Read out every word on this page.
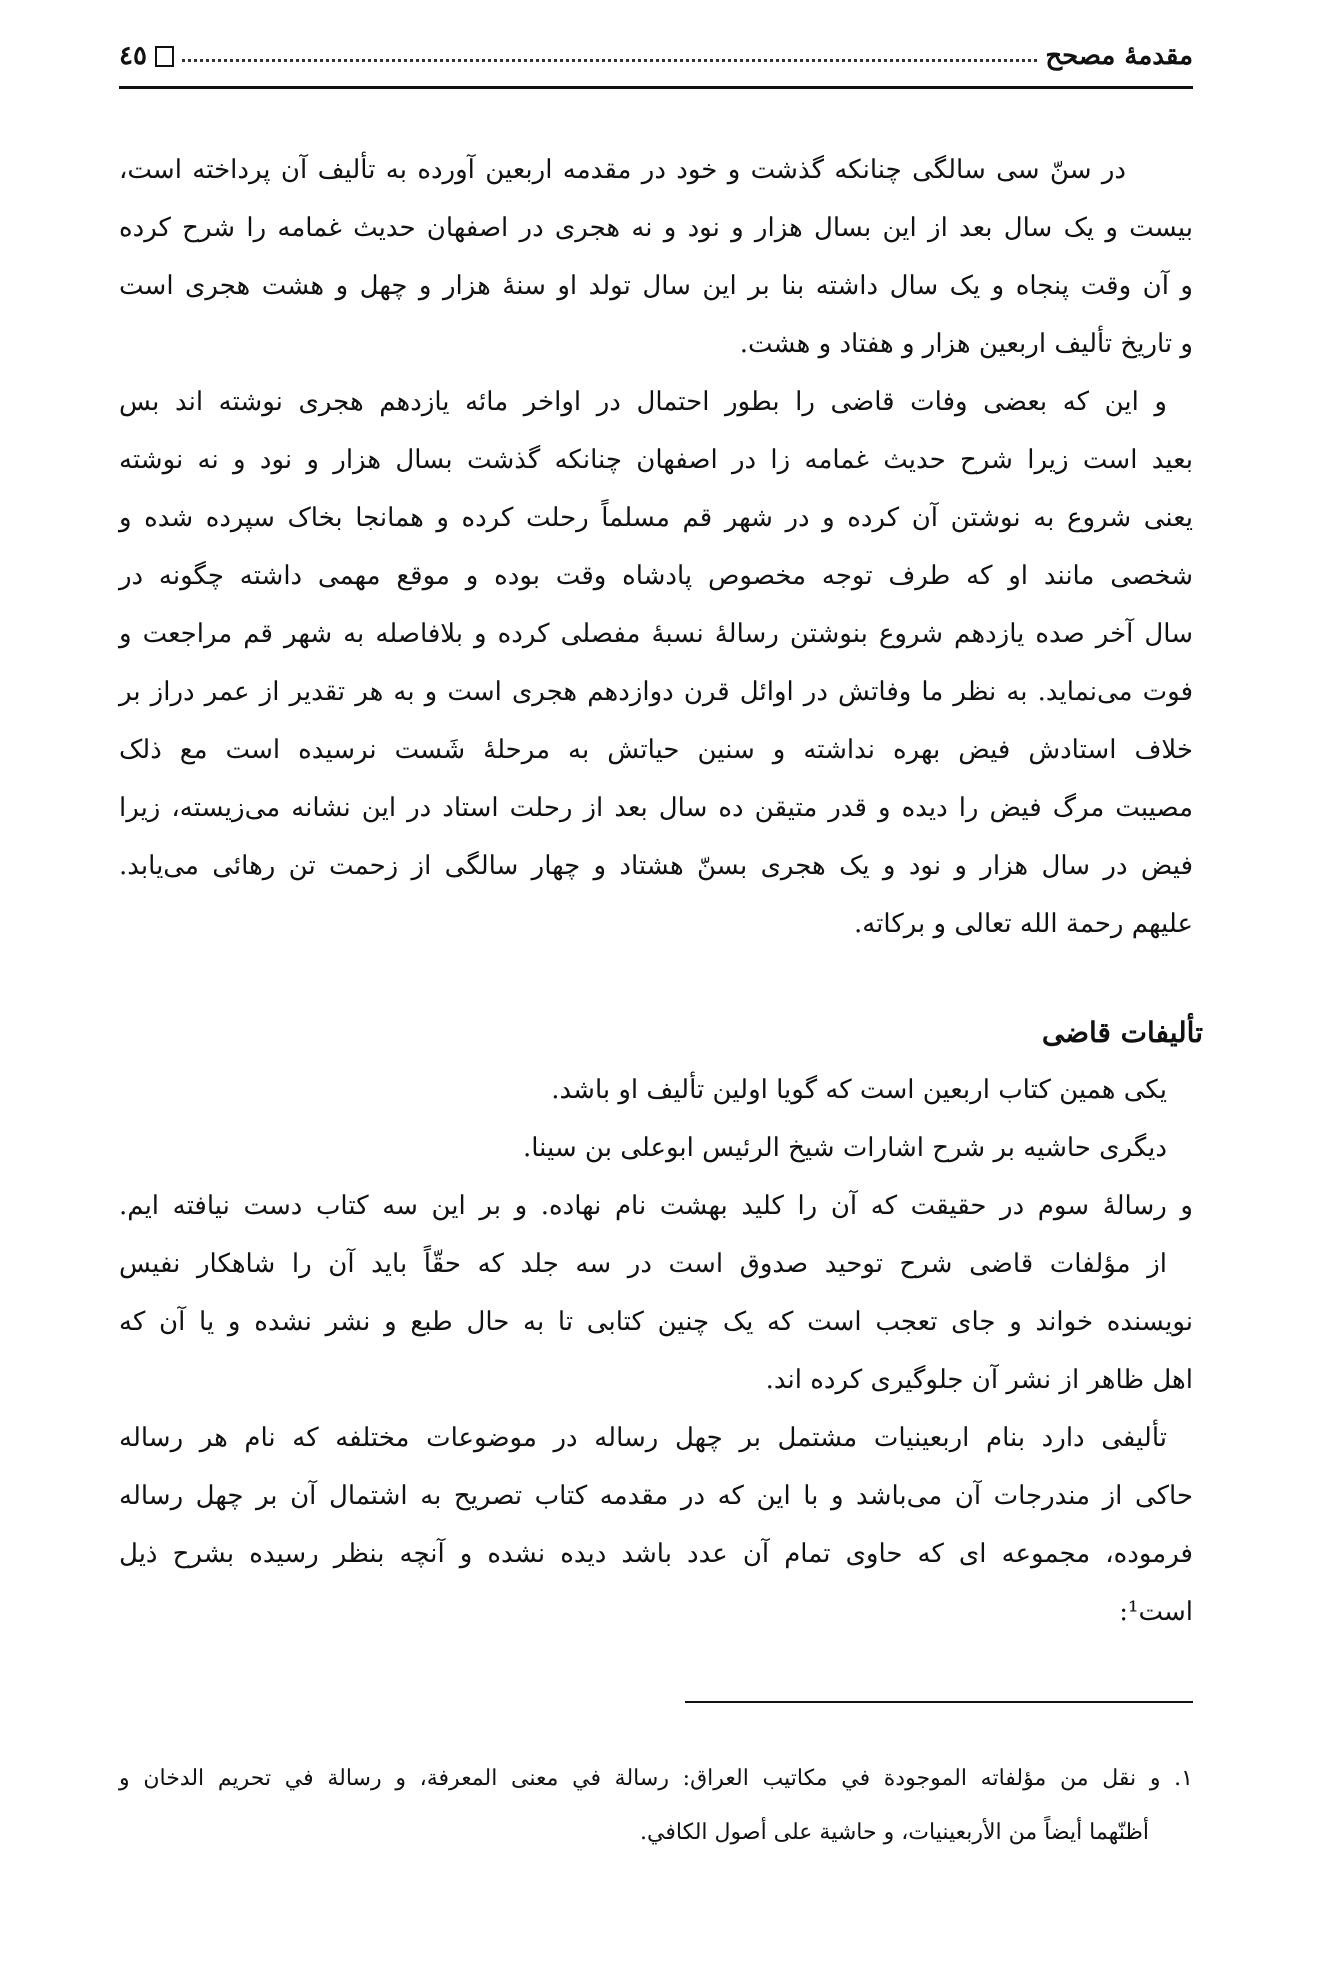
مقدمهٔ مصحح
٤٥
در سنّ سی سالگی چنانکه گذشت و خود در مقدمه اربعین آورده به تألیف آن پرداخته است،
بیست و یک سال بعد از این بسال هزار و نود و نه هجری در اصفهان حدیث غمامه را شرح کرده
و آن وقت پنجاه و یک سال داشته بنا بر این سال تولد او سنهٔ هزار و چهل و هشت هجری است
و تاریخ تألیف اربعین هزار و هفتاد و هشت.
و این که بعضی وفات قاضی را بطور احتمال در اواخر مائه یازدهم هجری نوشته اند بس
بعید است زیرا شرح حدیث غمامه زا در اصفهان چنانکه گذشت بسال هزار و نود و نه نوشته
یعنی شروع به نوشتن آن کرده و در شهر قم مسلماً رحلت کرده و همانجا بخاک سپرده شده و
شخصی مانند او که طرف توجه مخصوص پادشاه وقت بوده و موقع مهمی داشته چگونه در
سال آخر صده یازدهم شروع بنوشتن رسالهٔ نسبهٔ مفصلی کرده و بلافاصله به شهر قم مراجعت و
فوت می‌نماید. به نظر ما وفاتش در اوائل قرن دوازدهم هجری است و به هر تقدیر از عمر دراز بر
خلاف استادش فیض بهره نداشته و سنین حیاتش به مرحلهٔ شَست نرسیده است مع ذلک
مصیبت مرگ فیض را دیده و قدر متیقن ده سال بعد از رحلت استاد در این نشانه می‌زیسته، زیرا
فیض در سال هزار و نود و یک هجری بسنّ هشتاد و چهار سالگی از زحمت تن رهائی می‌یابد.
علیهم رحمة الله تعالی و برکاته.
تألیفات قاضی
یکی همین کتاب اربعین است که گویا اولین تألیف او باشد.
دیگری حاشیه بر شرح اشارات شیخ الرئیس ابوعلی بن سینا.
و رسالهٔ سوم در حقیقت که آن را کلید بهشت نام نهاده. و بر این سه کتاب دست نیافته ایم.
از مؤلفات قاضی شرح توحید صدوق است در سه جلد که حقّاً باید آن را شاهکار نفیس
نویسنده خواند و جای تعجب است که یک چنین کتابی تا به حال طبع و نشر نشده و یا آن که
اهل ظاهر از نشر آن جلوگیری کرده اند.
تألیفی دارد بنام اربعینیات مشتمل بر چهل رساله در موضوعات مختلفه که نام هر رساله
حاکی از مندرجات آن می‌باشد و با این که در مقدمه کتاب تصریح به اشتمال آن بر چهل رساله
فرموده، مجموعه ای که حاوی تمام آن عدد باشد دیده نشده و آنچه بنظر رسیده بشرح ذیل
است¹:
١. و نقل من مؤلفاته الموجودة في مكاتيب العراق: رسالة في معنى المعرفة، و رسالة في تحريم الدخان و
أظنّهما أيضاً من الأربعينيات، و حاشية على أصول الكافي.
